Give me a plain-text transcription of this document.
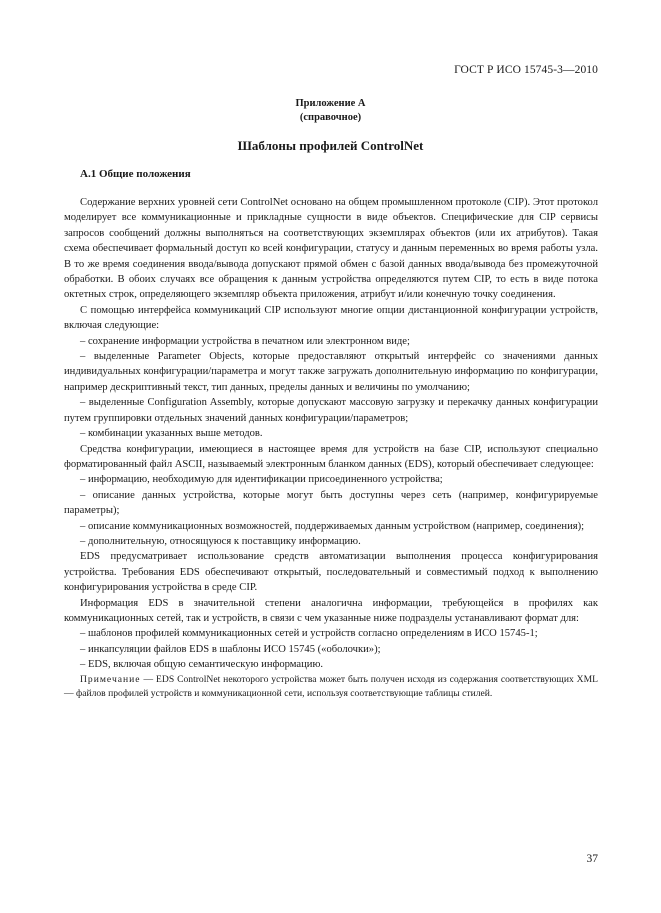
ГОСТ Р ИСО 15745-3—2010
Приложение А
(справочное)
Шаблоны профилей ControlNet
А.1 Общие положения

Содержание верхних уровней сети ControlNet основано на общем промышленном протоколе (CIP). Этот протокол моделирует все коммуникационные и прикладные сущности в виде объектов. Специфические для CIP сервисы запросов сообщений должны выполняться на соответствующих экземплярах объектов (или их атрибутов). Такая схема обеспечивает формальный доступ ко всей конфигурации, статусу и данным переменных во время работы узла. В то же время соединения ввода/вывода допускают прямой обмен с базой данных ввода/вывода без промежуточной обработки. В обоих случаях все обращения к данным устройства определяются путем CIP, то есть в виде потока октетных строк, определяющего экземпляр объекта приложения, атрибут и/или конечную точку соединения.

С помощью интерфейса коммуникаций CIP используют многие опции дистанционной конфигурации устройств, включая следующие:

– сохранение информации устройства в печатном или электронном виде;

– выделенные Parameter Objects, которые предоставляют открытый интерфейс со значениями данных индивидуальных конфигурации/параметра и могут также загружать дополнительную информацию по конфигурации, например дескриптивный текст, тип данных, пределы данных и величины по умолчанию;

– выделенные Configuration Assembly, которые допускают массовую загрузку и перекачку данных конфигурации путем группировки отдельных значений данных конфигурации/параметров;

– комбинации указанных выше методов.

Средства конфигурации, имеющиеся в настоящее время для устройств на базе CIP, используют специально форматированный файл ASCII, называемый электронным бланком данных (EDS), который обеспечивает следующее:

– информацию, необходимую для идентификации присоединенного устройства;

– описание данных устройства, которые могут быть доступны через сеть (например, конфигурируемые параметры);

– описание коммуникационных возможностей, поддерживаемых данным устройством (например, соединения);

– дополнительную, относящуюся к поставщику информацию.

EDS предусматривает использование средств автоматизации выполнения процесса конфигурирования устройства. Требования EDS обеспечивают открытый, последовательный и совместимый подход к выполнению конфигурирования устройства в среде CIP.

Информация EDS в значительной степени аналогична информации, требующейся в профилях как коммуникационных сетей, так и устройств, в связи с чем указанные ниже подразделы устанавливают формат для:

– шаблонов профилей коммуникационных сетей и устройств согласно определениям в ИСО 15745-1;

– инкапсуляции файлов EDS в шаблоны ИСО 15745 («оболочки»);

– EDS, включая общую семантическую информацию.

Примечание — EDS ControlNet некоторого устройства может быть получен исходя из содержания соответствующих XML — файлов профилей устройств и коммуникационной сети, используя соответствующие таблицы стилей.

37
